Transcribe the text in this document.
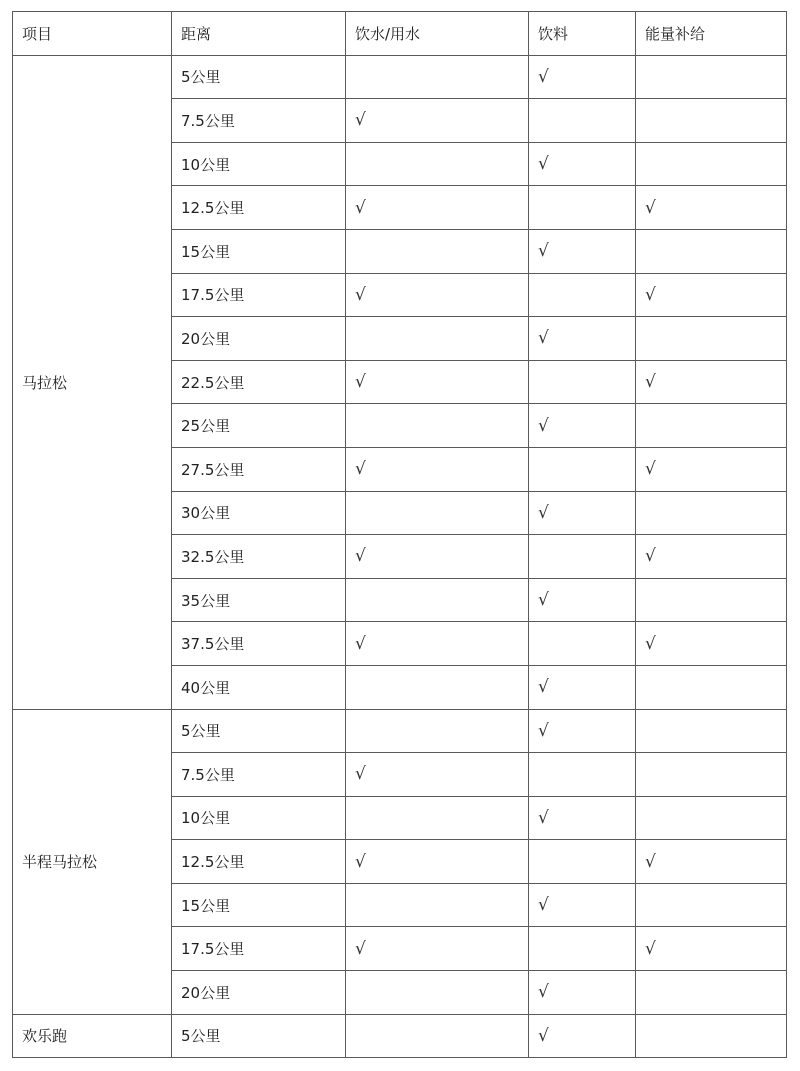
项目	距离	饮水/用水	饮料	能量补给
马拉松	5公里		√	
	7.5公里	√		
	10公里		√	
	12.5公里	√		√
	15公里		√	
	17.5公里	√		√
	20公里		√	
	22.5公里	√		√
	25公里		√	
	27.5公里	√		√
	30公里		√	
	32.5公里	√		√
	35公里		√	
	37.5公里	√		√
	40公里		√	
半程马拉松	5公里		√	
	7.5公里	√		
	10公里		√	
	12.5公里	√		√
	15公里		√	
	17.5公里	√		√
	20公里		√	
欢乐跑	5公里		√	
